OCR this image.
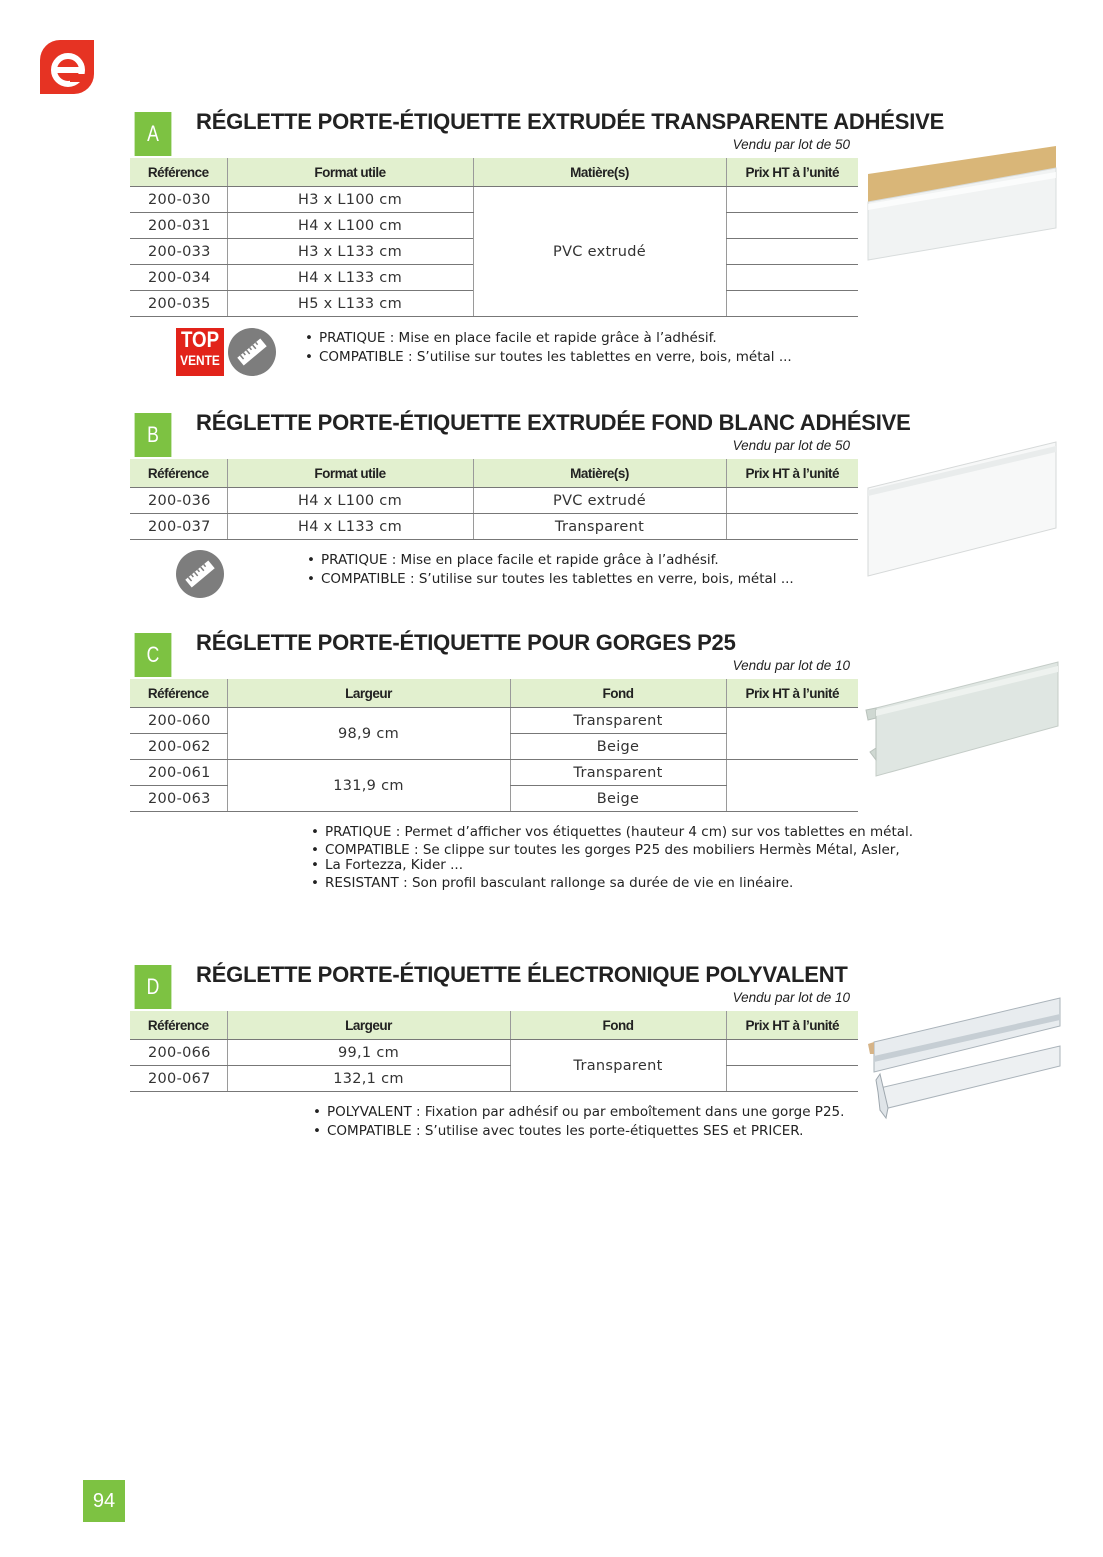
A	RÉGLETTE PORTE-ÉTIQUETTE EXTRUDÉE TRANSPARENTE ADHÉSIVE
Vendu par lot de 50
Référence	Format utile	Matière(s)	Prix HT à l’unité
200-030	H3 x L100 cm	PVC extrudé	
200-031	H4 x L100 cm		
200-033	H3 x L133 cm		
200-034	H4 x L133 cm		
200-035	H5 x L133 cm		
TOP
VENTE
• PRATIQUE : Mise en place facile et rapide grâce à l’adhésif.
• COMPATIBLE : S’utilise sur toutes les tablettes en verre, bois, métal ...
B	RÉGLETTE PORTE-ÉTIQUETTE EXTRUDÉE FOND BLANC ADHÉSIVE
Vendu par lot de 50
Référence	Format utile	Matière(s)	Prix HT à l’unité
200-036	H4 x L100 cm	PVC extrudé	
200-037	H4 x L133 cm	Transparent	
• PRATIQUE : Mise en place facile et rapide grâce à l’adhésif.
• COMPATIBLE : S’utilise sur toutes les tablettes en verre, bois, métal ...
C	RÉGLETTE PORTE-ÉTIQUETTE POUR GORGES P25
Vendu par lot de 10
Référence	Largeur	Fond	Prix HT à l’unité
200-060	98,9 cm	Transparent	
200-062		Beige	
200-061	131,9 cm	Transparent	
200-063		Beige	
• PRATIQUE : Permet d’afficher vos étiquettes (hauteur 4 cm) sur vos tablettes en métal.
• COMPATIBLE : Se clippe sur toutes les gorges P25 des mobiliers Hermès Métal, Asler,
• La Fortezza, Kider ...
• RESISTANT : Son profil basculant rallonge sa durée de vie en linéaire.
D	RÉGLETTE PORTE-ÉTIQUETTE ÉLECTRONIQUE POLYVALENT
Vendu par lot de 10
Référence	Largeur	Fond	Prix HT à l’unité
200-066	99,1 cm	Transparent	
200-067	132,1 cm		
• POLYVALENT : Fixation par adhésif ou par emboîtement dans une gorge P25.
• COMPATIBLE : S’utilise avec toutes les porte-étiquettes SES et PRICER.
94
